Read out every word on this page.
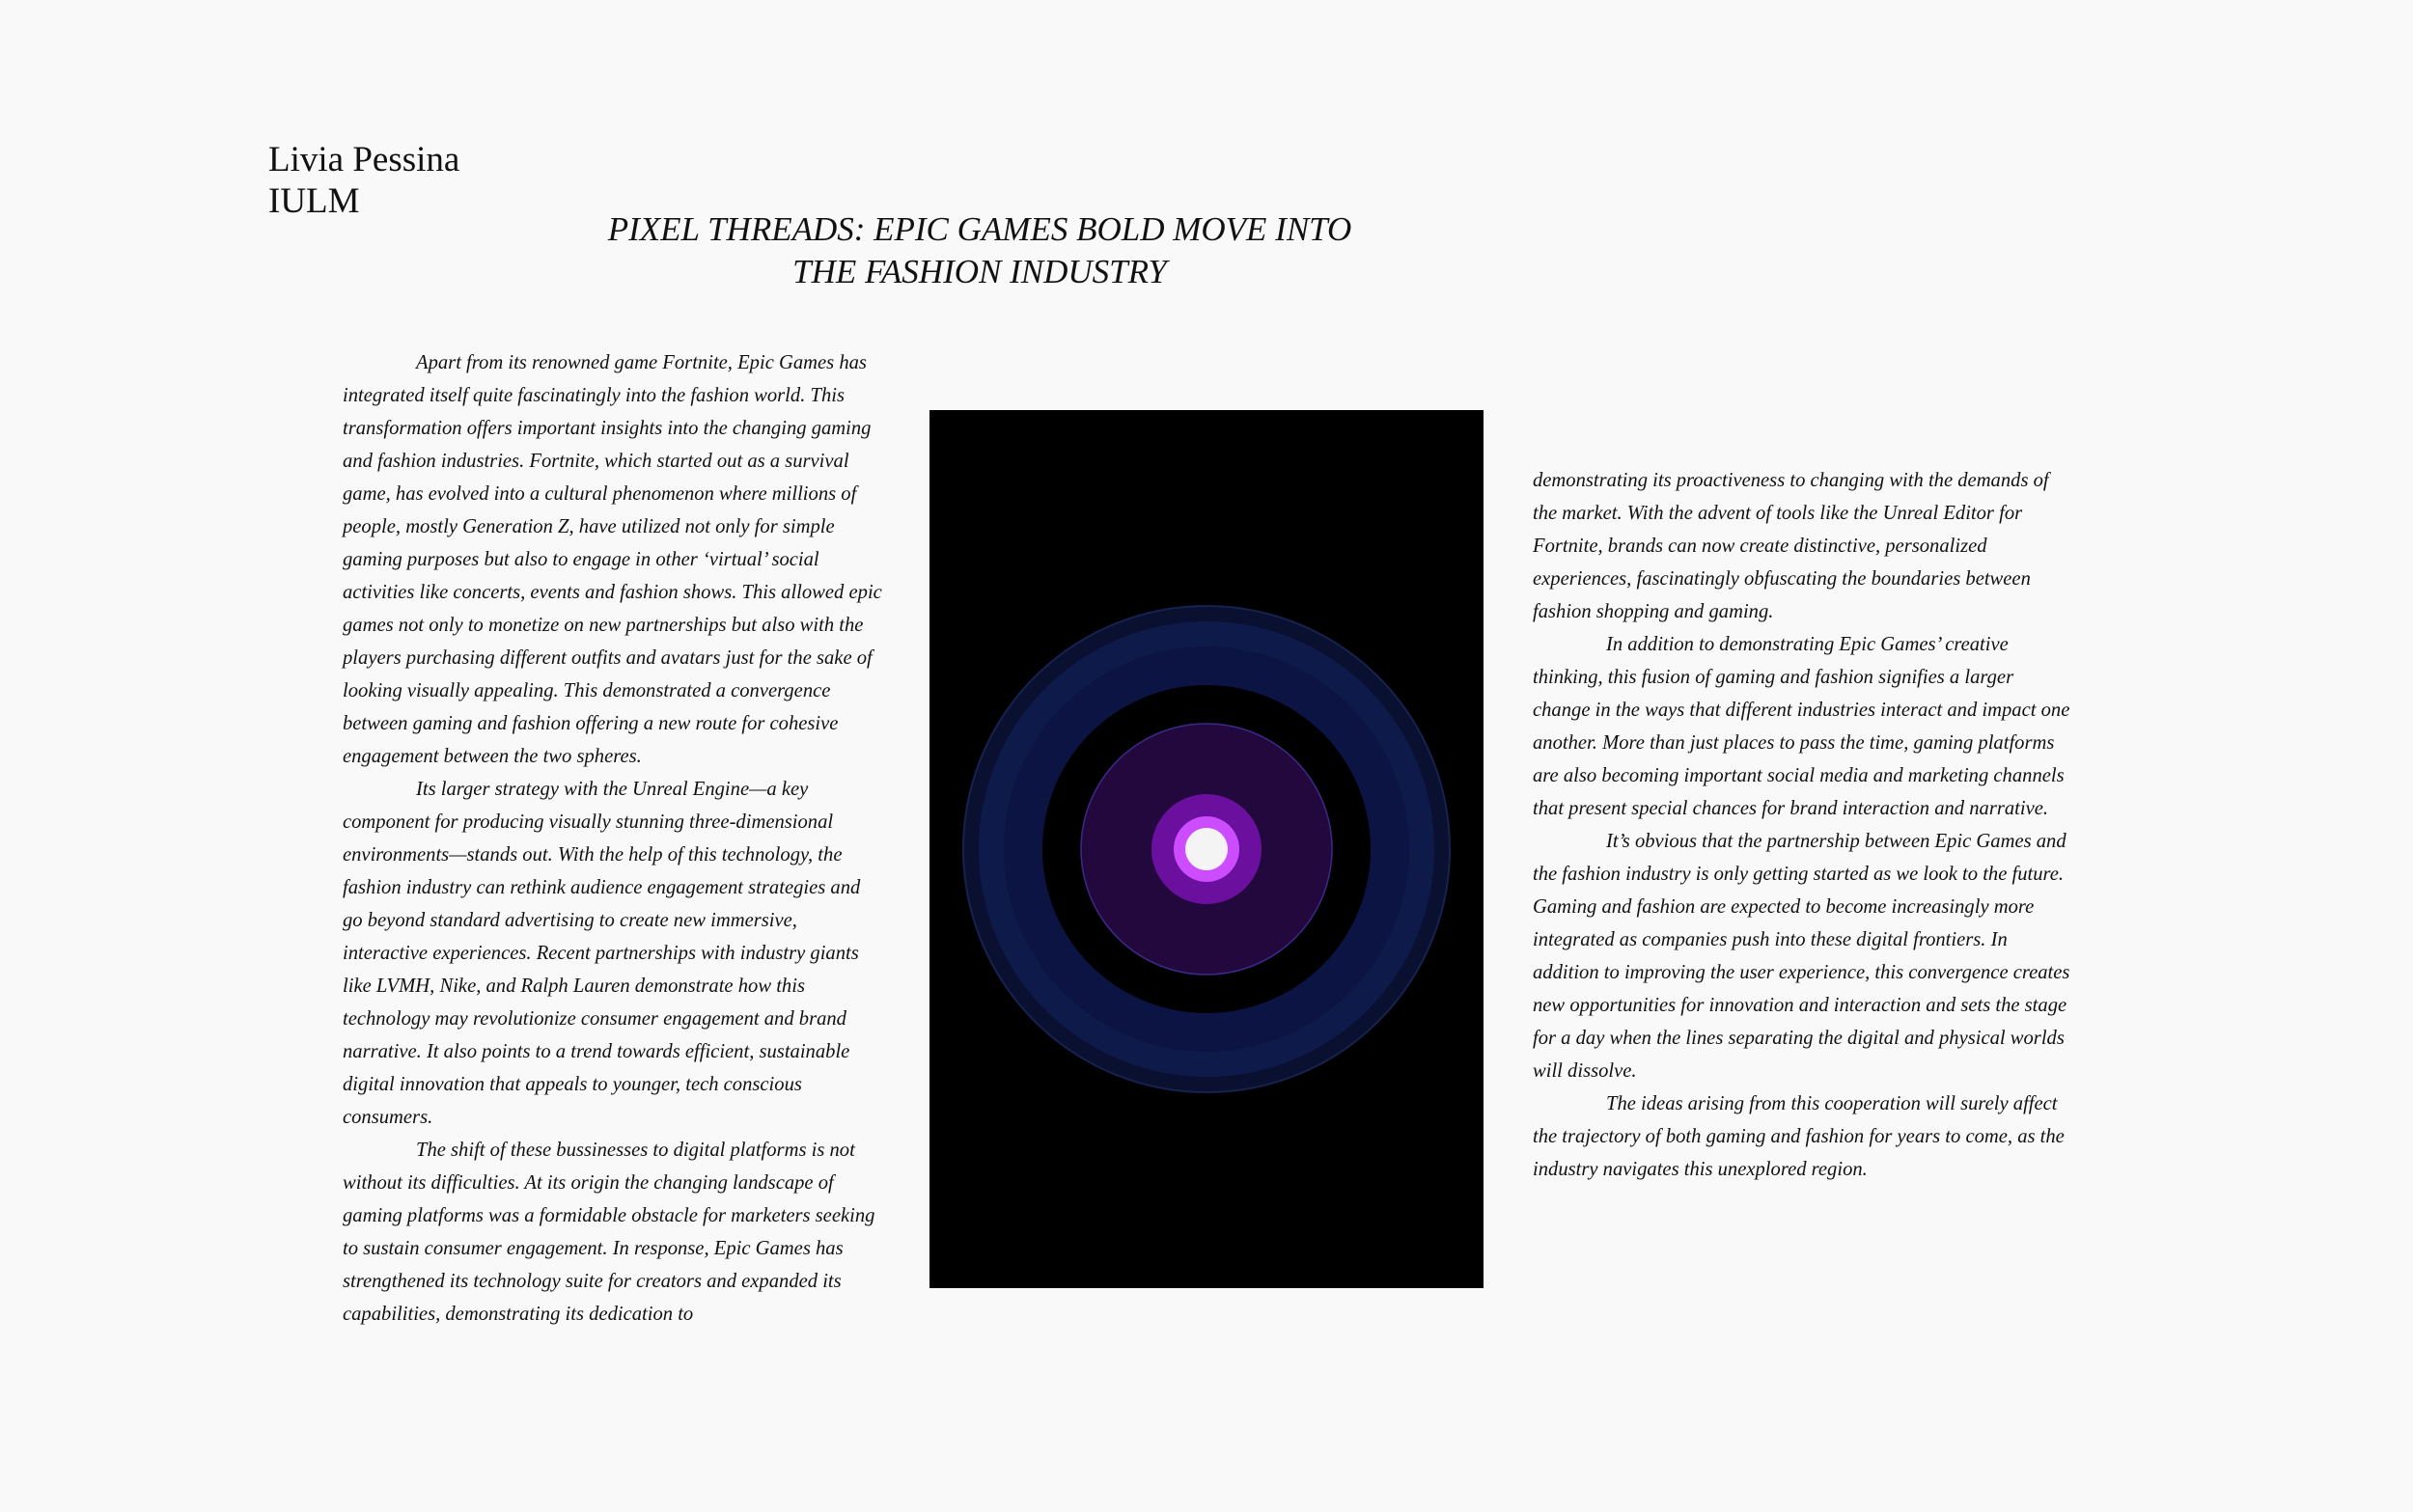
Livia Pessina
IULM
PIXEL THREADS: EPIC GAMES BOLD MOVE INTO
THE FASHION INDUSTRY

Apart from its renowned game Fortnite, Epic Games has integrated itself quite fascinatingly into the fashion world. This transformation offers important insights into the changing gaming and fashion industries. Fortnite, which started out as a survival game, has evolved into a cultural phenomenon where millions of people, mostly Generation Z, have utilized not only for simple gaming purposes but also to engage in other ‘virtual’ social activities like concerts, events and fashion shows. This allowed epic games not only to monetize on new partnerships but also with the players purchasing different outfits and avatars just for the sake of looking visually appealing. This demonstrated a convergence between gaming and fashion offering a new route for cohesive engagement between the two spheres.

Its larger strategy with the Unreal Engine—a key component for producing visually stunning three-dimensional environments—stands out. With the help of this technology, the fashion industry can rethink audience engagement strategies and go beyond standard advertising to create new immersive, interactive experiences. Recent partnerships with industry giants like LVMH, Nike, and Ralph Lauren demonstrate how this technology may revolutionize consumer engagement and brand narrative. It also points to a trend towards efficient, sustainable digital innovation that appeals to younger, tech conscious consumers.

The shift of these bussinesses to digital platforms is not without its difficulties. At its origin the changing landscape of gaming platforms was a formidable obstacle for marketers seeking to sustain consumer engagement. In response, Epic Games has strengthened its technology suite for creators and expanded its capabilities, demonstrating its dedication to

demonstrating its proactiveness to changing with the demands of the market. With the advent of tools like the Unreal Editor for Fortnite, brands can now create distinctive, personalized experiences, fascinatingly obfuscating the boundaries between fashion shopping and gaming.

In addition to demonstrating Epic Games’ creative thinking, this fusion of gaming and fashion signifies a larger change in the ways that different industries interact and impact one another. More than just places to pass the time, gaming platforms are also becoming important social media and marketing channels that present special chances for brand interaction and narrative.

It’s obvious that the partnership between Epic Games and the fashion industry is only getting started as we look to the future. Gaming and fashion are expected to become increasingly more integrated as companies push into these digital frontiers. In addition to improving the user experience, this convergence creates new opportunities for innovation and interaction and sets the stage for a day when the lines separating the digital and physical worlds will dissolve.

The ideas arising from this cooperation will surely affect the trajectory of both gaming and fashion for years to come, as the industry navigates this unexplored region.
